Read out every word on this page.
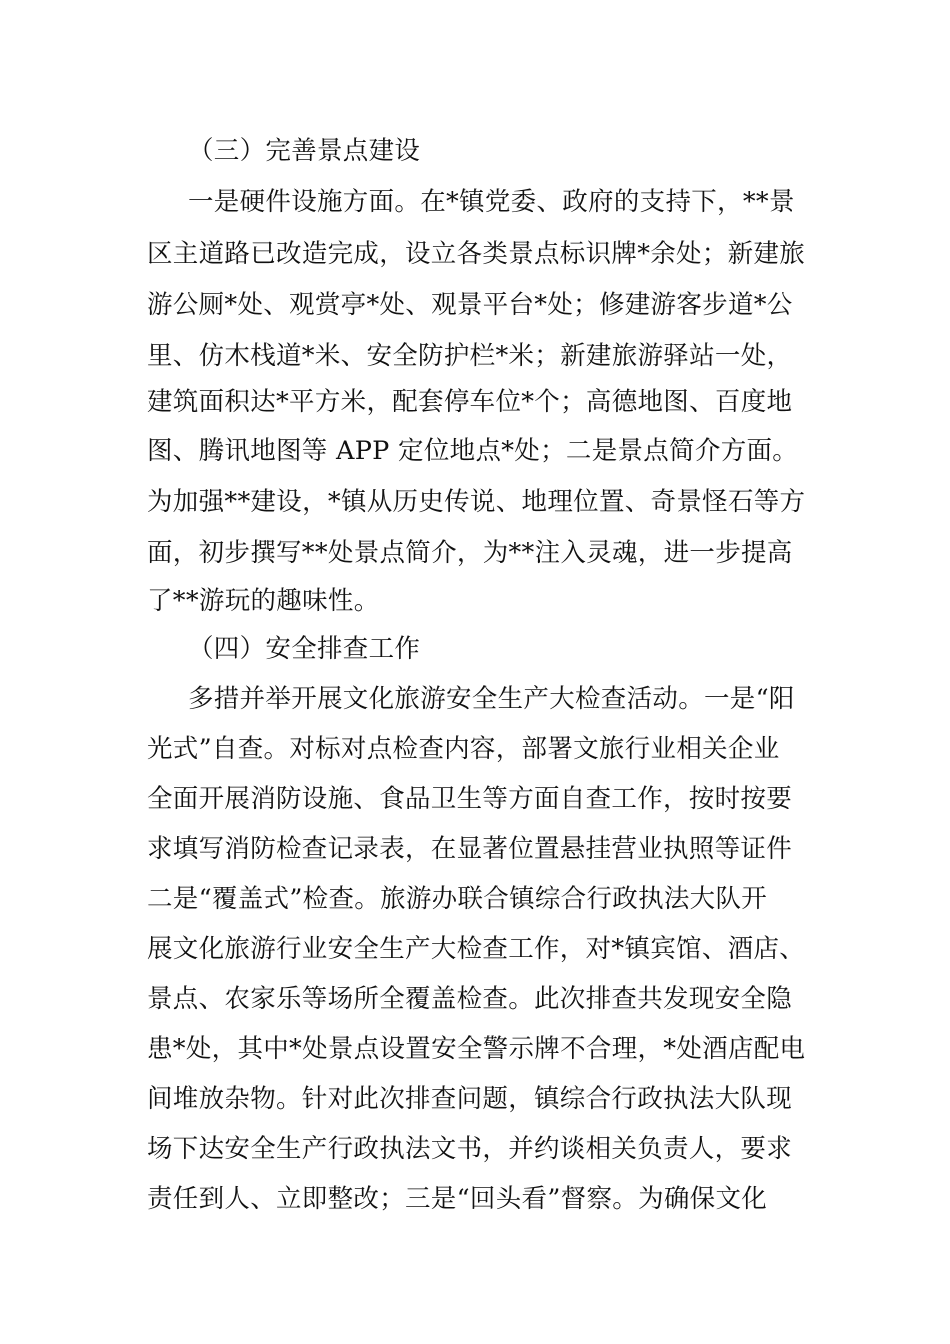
（三）完善景点建设
一是硬件设施方面。在*镇党委、政府的支持下，**景
区主道路已改造完成，设立各类景点标识牌*余处；新建旅
游公厕*处、观赏亭*处、观景平台*处；修建游客步道*公
里、仿木栈道*米、安全防护栏*米；新建旅游驿站一处，
建筑面积达*平方米，配套停车位*个；高德地图、百度地
图、腾讯地图等 APP 定位地点*处；二是景点简介方面。
为加强**建设，*镇从历史传说、地理位置、奇景怪石等方
面，初步撰写**处景点简介，为**注入灵魂，进一步提高
了**游玩的趣味性。
（四）安全排查工作
多措并举开展文化旅游安全生产大检查活动。一是“阳
光式”自查。对标对点检查内容，部署文旅行业相关企业
全面开展消防设施、食品卫生等方面自查工作，按时按要
求填写消防检查记录表，在显著位置悬挂营业执照等证件
二是“覆盖式”检查。旅游办联合镇综合行政执法大队开
展文化旅游行业安全生产大检查工作，对*镇宾馆、酒店、
景点、农家乐等场所全覆盖检查。此次排查共发现安全隐
患*处，其中*处景点设置安全警示牌不合理，*处酒店配电
间堆放杂物。针对此次排查问题，镇综合行政执法大队现
场下达安全生产行政执法文书，并约谈相关负责人，要求
责任到人、立即整改；三是“回头看”督察。为确保文化
